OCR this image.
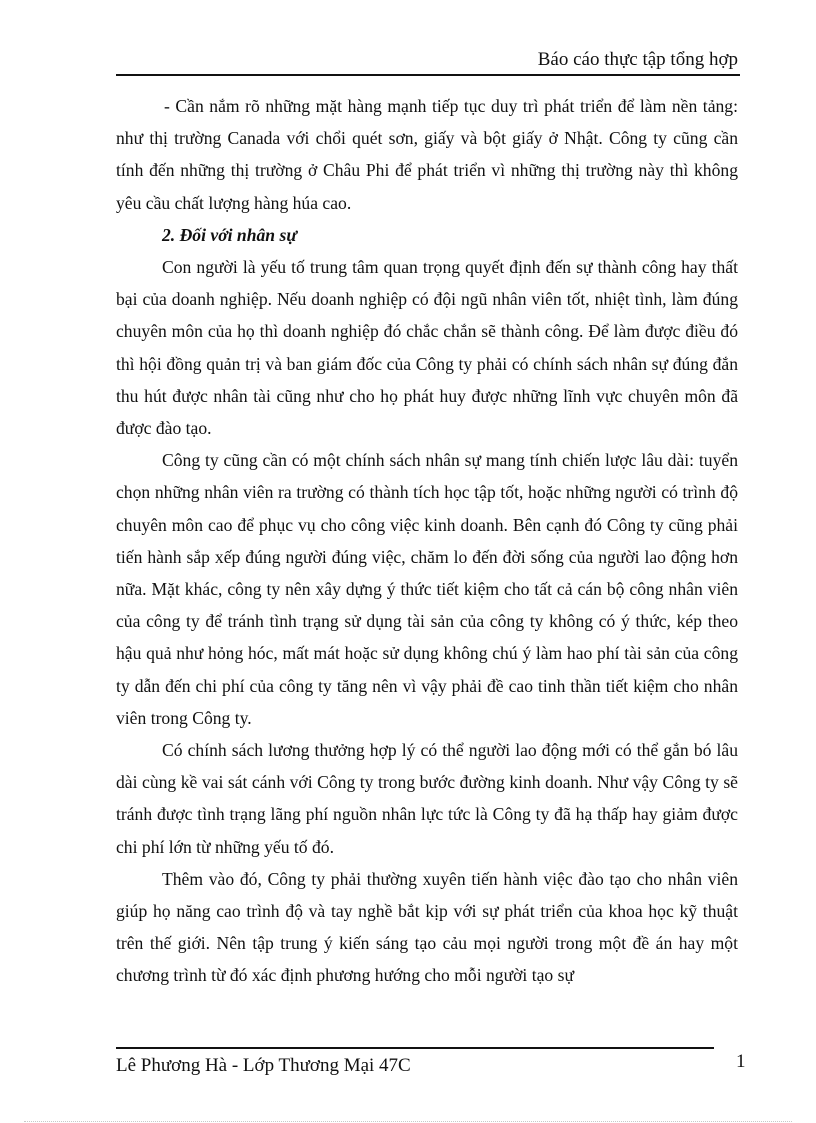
Báo cáo thực tập tổng hợp

- Cần nắm rõ những mặt hàng mạnh tiếp tục duy trì phát triển để làm nền tảng: như thị trường Canada với chổi quét sơn, giấy và bột giấy ở Nhật. Công ty cũng cần tính đến những thị trường ở Châu Phi để phát triển vì những thị trường này thì không yêu cầu chất lượng hàng húa cao.

2. Đối với nhân sự

Con người là yếu tố trung tâm quan trọng quyết định đến sự thành công hay thất bại của doanh nghiệp. Nếu doanh nghiệp có đội ngũ nhân viên tốt, nhiệt tình, làm đúng chuyên môn của họ thì doanh nghiệp đó chắc chắn sẽ thành công. Để làm được điều đó thì hội đồng quản trị và ban giám đốc của Công ty phải có chính sách nhân sự đúng đắn thu hút được nhân tài cũng như cho họ phát huy được những lĩnh vực chuyên môn đã được đào tạo.

Công ty cũng cần có một chính sách nhân sự mang tính chiến lược lâu dài: tuyển chọn những nhân viên ra trường có thành tích học tập tốt, hoặc những người có trình độ chuyên môn cao để phục vụ cho công việc kinh doanh. Bên cạnh đó Công ty cũng phải tiến hành sắp xếp đúng người đúng việc, chăm lo đến đời sống của người lao động hơn nữa. Mặt khác, công ty nên xây dựng ý thức tiết kiệm cho tất cả cán bộ công nhân viên của công ty để tránh tình trạng sử dụng tài sản của công ty không có ý thức, kép theo hậu quả như hỏng hóc, mất mát hoặc sử dụng không chú ý làm hao phí tài sản của công ty dẫn đến chi phí của công ty tăng nên vì vậy phải đề cao tinh thần tiết kiệm cho nhân viên trong Công ty.

Có chính sách lương thưởng hợp lý có thể người lao động mới có thể gắn bó lâu dài cùng kề vai sát cánh với Công ty trong bước đường kinh doanh. Như vậy Công ty sẽ tránh được tình trạng lãng phí nguồn nhân lực tức là Công ty đã hạ thấp hay giảm được chi phí lớn từ những yếu tố đó.

Thêm vào đó, Công ty phải thường xuyên tiến hành việc đào tạo cho nhân viên giúp họ năng cao trình độ và tay nghề bắt kịp với sự phát triển của khoa học kỹ thuật trên thế giới. Nên tập trung ý kiến sáng tạo cảu mọi người trong một đề án hay một chương trình từ đó xác định phương hướng cho mỗi người tạo sự

Lê Phương Hà - Lớp Thương Mại 47C	1
